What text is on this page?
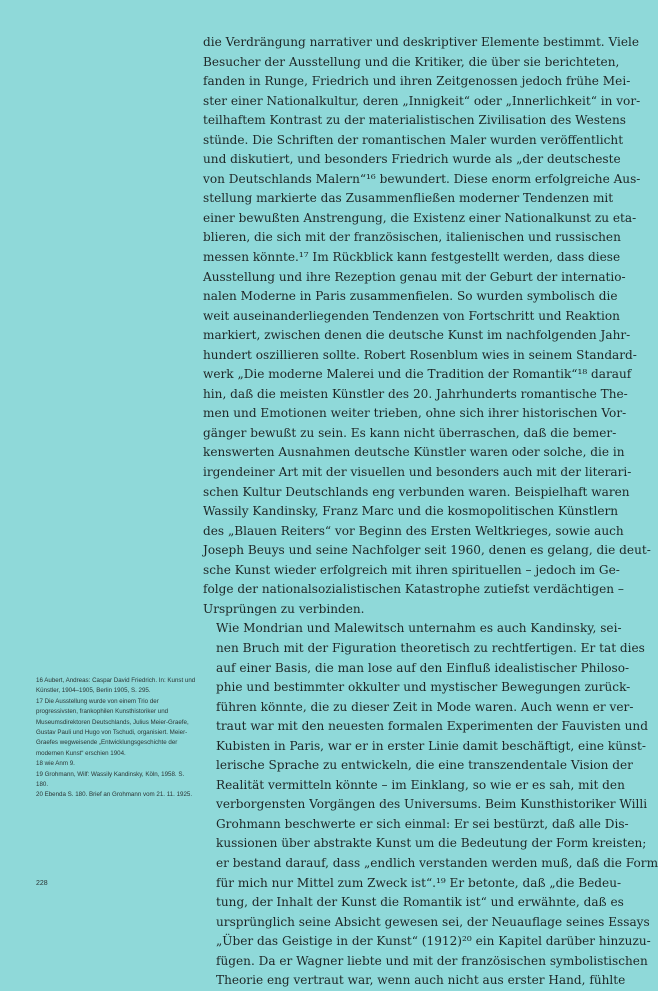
die Verdrängung narrativer und deskriptiver Elemente bestimmt. Viele
Besucher der Ausstellung und die Kritiker, die über sie berichteten,
fanden in Runge, Friedrich und ihren Zeitgenossen jedoch frühe Mei-
ster einer Nationalkultur, deren „Innigkeit“ oder „Innerlichkeit“ in vor-
teilhaftem Kontrast zu der materialistischen Zivilisation des Westens
stünde. Die Schriften der romantischen Maler wurden veröffentlicht
und diskutiert, und besonders Friedrich wurde als „der deutscheste
von Deutschlands Malern“¹⁶ bewundert. Diese enorm erfolgreiche Aus-
stellung markierte das Zusammenfließen moderner Tendenzen mit
einer bewußten Anstrengung, die Existenz einer Nationalkunst zu eta-
blieren, die sich mit der französischen, italienischen und russischen
messen könnte.¹⁷ Im Rückblick kann festgestellt werden, dass diese
Ausstellung und ihre Rezeption genau mit der Geburt der internatio-
nalen Moderne in Paris zusammenfielen. So wurden symbolisch die
weit auseinanderliegenden Tendenzen von Fortschritt und Reaktion
markiert, zwischen denen die deutsche Kunst im nachfolgenden Jahr-
hundert oszillieren sollte. Robert Rosenblum wies in seinem Standard-
werk „Die moderne Malerei und die Tradition der Romantik“¹⁸ darauf
hin, daß die meisten Künstler des 20. Jahrhunderts romantische The-
men und Emotionen weiter trieben, ohne sich ihrer historischen Vor-
gänger bewußt zu sein. Es kann nicht überraschen, daß die bemer-
kenswerten Ausnahmen deutsche Künstler waren oder solche, die in
irgendeiner Art mit der visuellen und besonders auch mit der literari-
schen Kultur Deutschlands eng verbunden waren. Beispielhaft waren
Wassily Kandinsky, Franz Marc und die kosmopolitischen Künstlern
des „Blauen Reiters“ vor Beginn des Ersten Weltkrieges, sowie auch
Joseph Beuys und seine Nachfolger seit 1960, denen es gelang, die deut-
sche Kunst wieder erfolgreich mit ihren spirituellen – jedoch im Ge-
folge der nationalsozialistischen Katastrophe zutiefst verdächtigen –
Ursprüngen zu verbinden.

Wie Mondrian und Malewitsch unternahm es auch Kandinsky, sei-
nen Bruch mit der Figuration theoretisch zu rechtfertigen. Er tat dies
auf einer Basis, die man lose auf den Einfluß idealistischer Philoso-
phie und bestimmter okkulter und mystischer Bewegungen zurück-
führen könnte, die zu dieser Zeit in Mode waren. Auch wenn er ver-
traut war mit den neuesten formalen Experimenten der Fauvisten und
Kubisten in Paris, war er in erster Linie damit beschäftigt, eine künst-
lerische Sprache zu entwickeln, die eine transzendentale Vision der
Realität vermitteln könnte – im Einklang, so wie er es sah, mit den
verborgensten Vorgängen des Universums. Beim Kunsthistoriker Willi
Grohmann beschwerte er sich einmal: Er sei bestürzt, daß alle Dis-
kussionen über abstrakte Kunst um die Bedeutung der Form kreisten;
er bestand darauf, dass „endlich verstanden werden muß, daß die Form
für mich nur Mittel zum Zweck ist“.¹⁹ Er betonte, daß „die Bedeu-
tung, der Inhalt der Kunst die Romantik ist“ und erwähnte, daß es
ursprünglich seine Absicht gewesen sei, der Neuauflage seines Essays
„Über das Geistige in der Kunst“ (1912)²⁰ ein Kapitel darüber hinzuzu-
fügen. Da er Wagner liebte und mit der französischen symbolistischen
Theorie eng vertraut war, wenn auch nicht aus erster Hand, fühlte

16 Aubert, Andreas: Caspar David Friedrich. In: Kunst und Künstler, 1904–1905, Berlin 1905, S. 295.

17 Die Ausstellung wurde von einem Trio der progressivsten, frankophilen Kunsthistoriker und Museumsdirektoren Deutschlands, Julius Meier-Graefe, Gustav Pauli und Hugo von Tschudi, organisiert. Meier-Graefes wegweisende „Entwicklungsgeschichte der modernen Kunst“ erschien 1904.

18 wie Anm 9.

19 Grohmann, Wilf: Wassily Kandinsky, Köln, 1958. S. 180.

20 Ebenda S. 180. Brief an Grohmann vom 21. 11. 1925.

228
